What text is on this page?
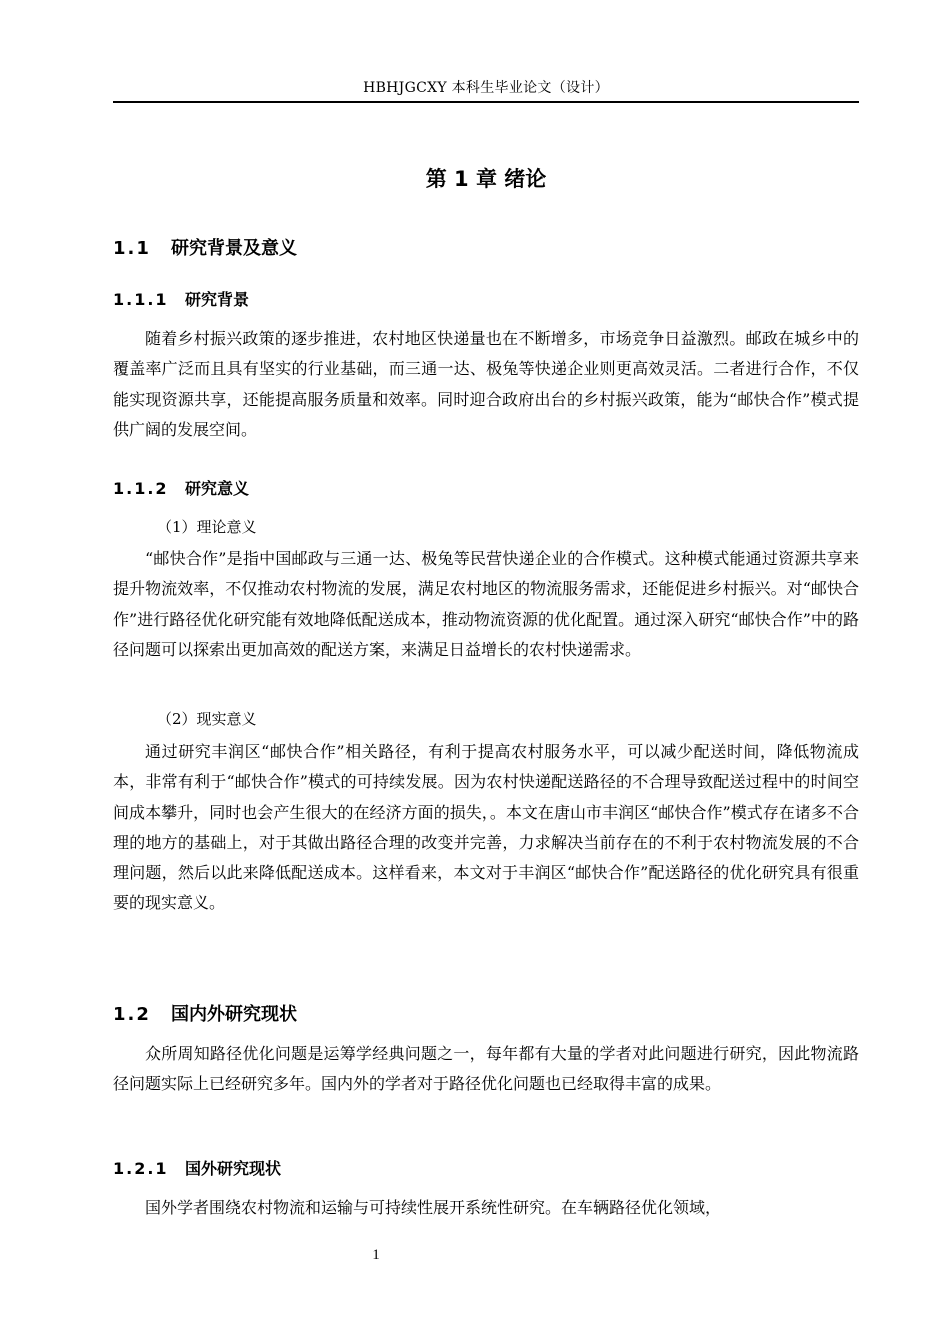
HBHJGCXY 本科生毕业论文（设计）
第 1 章 绪论
1.1 研究背景及意义
1.1.1 研究背景
随着乡村振兴政策的逐步推进，农村地区快递量也在不断增多，市场竞争日益激烈。邮政在城乡中的覆盖率广泛而且具有坚实的行业基础，而三通一达、极兔等快递企业则更高效灵活。二者进行合作，不仅能实现资源共享，还能提高服务质量和效率。同时迎合政府出台的乡村振兴政策，能为“邮快合作”模式提供广阔的发展空间。
1.1.2 研究意义
（1）理论意义
“邮快合作”是指中国邮政与三通一达、极兔等民营快递企业的合作模式。这种模式能通过资源共享来提升物流效率，不仅推动农村物流的发展，满足农村地区的物流服务需求，还能促进乡村振兴。对“邮快合作”进行路径优化研究能有效地降低配送成本，推动物流资源的优化配置。通过深入研究“邮快合作”中的路径问题可以探索出更加高效的配送方案，来满足日益增长的农村快递需求。
（2）现实意义
通过研究丰润区“邮快合作”相关路径，有利于提高农村服务水平，可以减少配送时间，降低物流成本，非常有利于“邮快合作”模式的可持续发展。因为农村快递配送路径的不合理导致配送过程中的时间空间成本攀升，同时也会产生很大的在经济方面的损失，。本文在唐山市丰润区“邮快合作”模式存在诸多不合理的地方的基础上，对于其做出路径合理的改变并完善，力求解决当前存在的不利于农村物流发展的不合理问题，然后以此来降低配送成本。这样看来，本文对于丰润区“邮快合作”配送路径的优化研究具有很重要的现实意义。
1.2 国内外研究现状
众所周知路径优化问题是运筹学经典问题之一，每年都有大量的学者对此问题进行研究，因此物流路径问题实际上已经研究多年。国内外的学者对于路径优化问题也已经取得丰富的成果。
1.2.1 国外研究现状
国外学者围绕农村物流和运输与可持续性展开系统性研究。在车辆路径优化领域，
1
